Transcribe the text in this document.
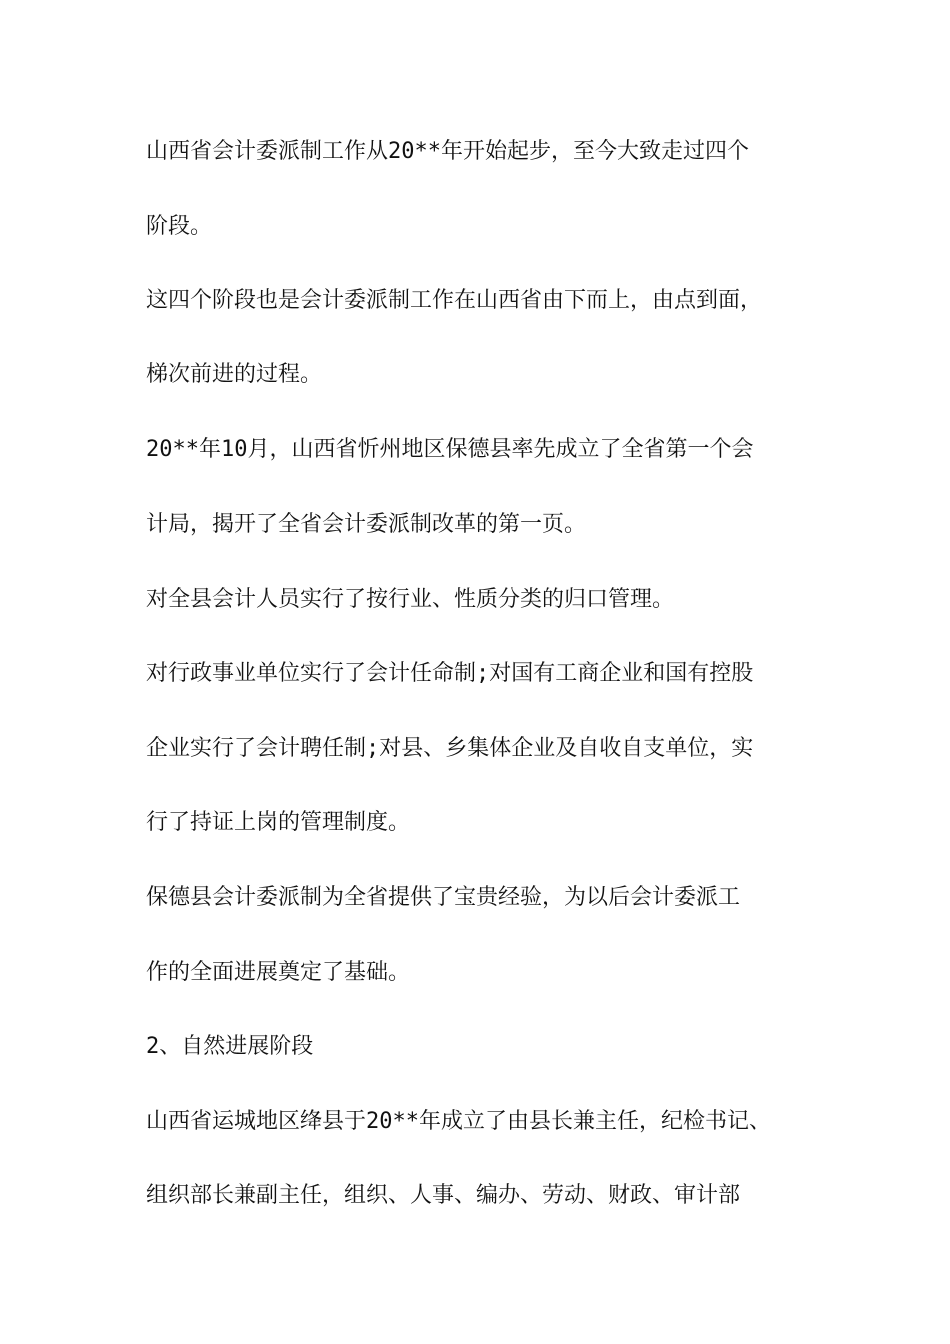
山西省会计委派制工作从20**年开始起步，至今大致走过四个

阶段。

这四个阶段也是会计委派制工作在山西省由下而上，由点到面，

梯次前进的过程。

20**年10月，山西省忻州地区保德县率先成立了全省第一个会

计局，揭开了全省会计委派制改革的第一页。

对全县会计人员实行了按行业、性质分类的归口管理。

对行政事业单位实行了会计任命制;对国有工商企业和国有控股

企业实行了会计聘任制;对县、乡集体企业及自收自支单位，实

行了持证上岗的管理制度。

保德县会计委派制为全省提供了宝贵经验，为以后会计委派工

作的全面进展奠定了基础。

2、自然进展阶段

山西省运城地区绛县于20**年成立了由县长兼主任，纪检书记、

组织部长兼副主任，组织、人事、编办、劳动、财政、审计部
